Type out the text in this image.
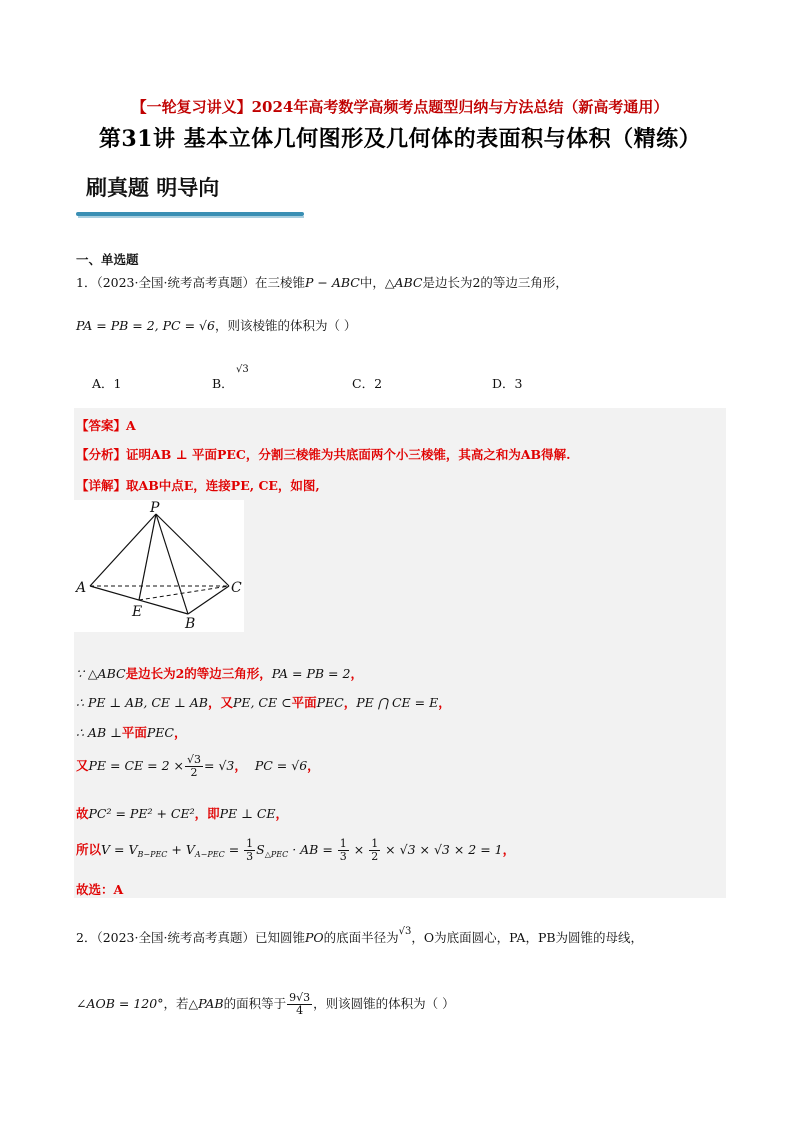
【一轮复习讲义】2024年高考数学高频考点题型归纳与方法总结（新高考通用）
第31讲 基本立体几何图形及几何体的表面积与体积（精练）
刷真题 明导向
一、单选题
1．（2023·全国·统考高考真题）在三棱锥P − ABC中，△ABC是边长为2的等边三角形，
PA = PB = 2, PC = √6，则该棱锥的体积为（ ）
A．1	B．
√3
C．2	D．3
【答案】A
【分析】证明AB ⊥ 平面PEC，分割三棱锥为共底面两个小三棱锥，其高之和为AB得解.
【详解】取AB中点E，连接PE, CE，如图,
P
A	C
E
B
∵ △ABC是边长为2的等边三角形，PA = PB = 2，
∴ PE ⊥ AB, CE ⊥ AB，又PE, CE ⊂平面PEC，PE ⋂ CE = E，
∴ AB ⊥平面PEC，
又PE = CE = $2 \times \frac{√3}{2} = √3$， PC = √6，
故PC² = PE² + CE²，即PE ⊥ CE，
所以$V = V_{B-PEC} + V_{A-PEC} = \frac{1}{3} S_{\triangle PEC}$ · AB = $\frac{1}{3} \times \frac{1}{2} \times √3 \times √3 \times 2 = 1$，
故选：A
2．（2023·全国·统考高考真题）已知圆锥PO的底面半径为$^{√3}$，O为底面圆心，PA，PB为圆锥的母线，
∠AOB = 120°，若△PAB的面积等于 $\frac{9√3}{4}$ ，则该圆锥的体积为（ ）
